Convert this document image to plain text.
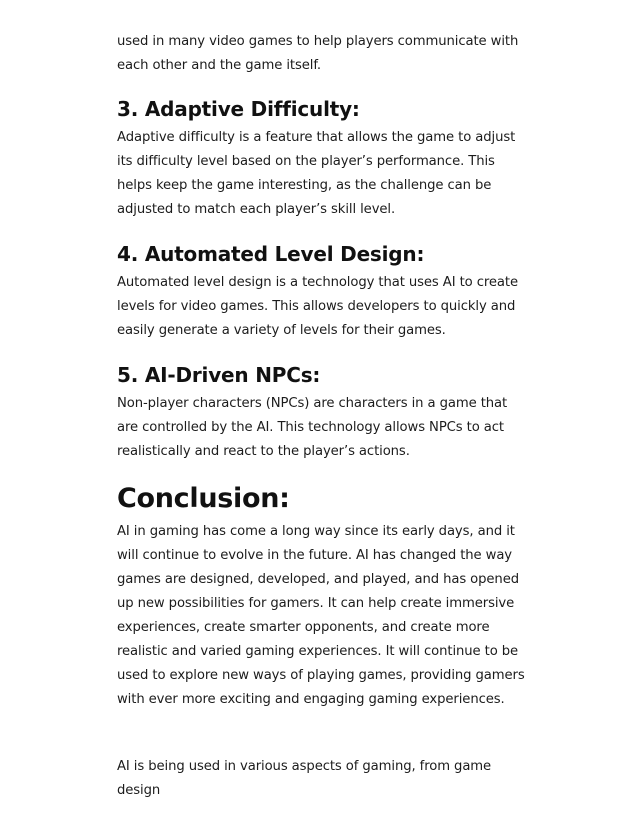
used in many video games to help players communicate with each other and the game itself.

3. Adaptive Difficulty:

Adaptive difficulty is a feature that allows the game to adjust its difficulty level based on the player’s performance. This helps keep the game interesting, as the challenge can be adjusted to match each player’s skill level.

4. Automated Level Design:

Automated level design is a technology that uses AI to create levels for video games. This allows developers to quickly and easily generate a variety of levels for their games.

5. AI-Driven NPCs:

Non-player characters (NPCs) are characters in a game that are controlled by the AI. This technology allows NPCs to act realistically and react to the player’s actions.

Conclusion:

AI in gaming has come a long way since its early days, and it will continue to evolve in the future. AI has changed the way games are designed, developed, and played, and has opened up new possibilities for gamers. It can help create immersive experiences, create smarter opponents, and create more realistic and varied gaming experiences. It will continue to be used to explore new ways of playing games, providing gamers with ever more exciting and engaging gaming experiences.

AI is being used in various aspects of gaming, from game design
